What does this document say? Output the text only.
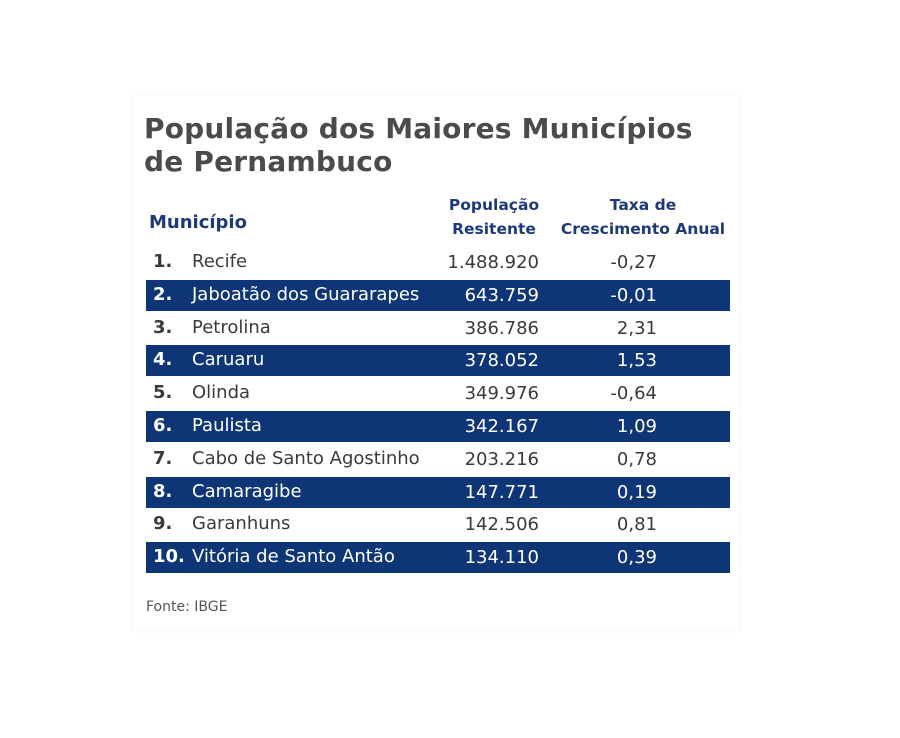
População dos Maiores Municípios
de Pernambuco
Município
População
Resitente
Taxa de
Crescimento Anual
1. Recife	1.488.920	-0,27
2. Jaboatão dos Guararapes	643.759	-0,01
3. Petrolina	386.786	2,31
4. Caruaru	378.052	1,53
5. Olinda	349.976	-0,64
6. Paulista	342.167	1,09
7. Cabo de Santo Agostinho 203.216	0,78
8. Camaragibe	147.771	0,19
9. Garanhuns	142.506	0,81
10. Vitória de Santo Antão	134.110	0,39
Fonte: IBGE
